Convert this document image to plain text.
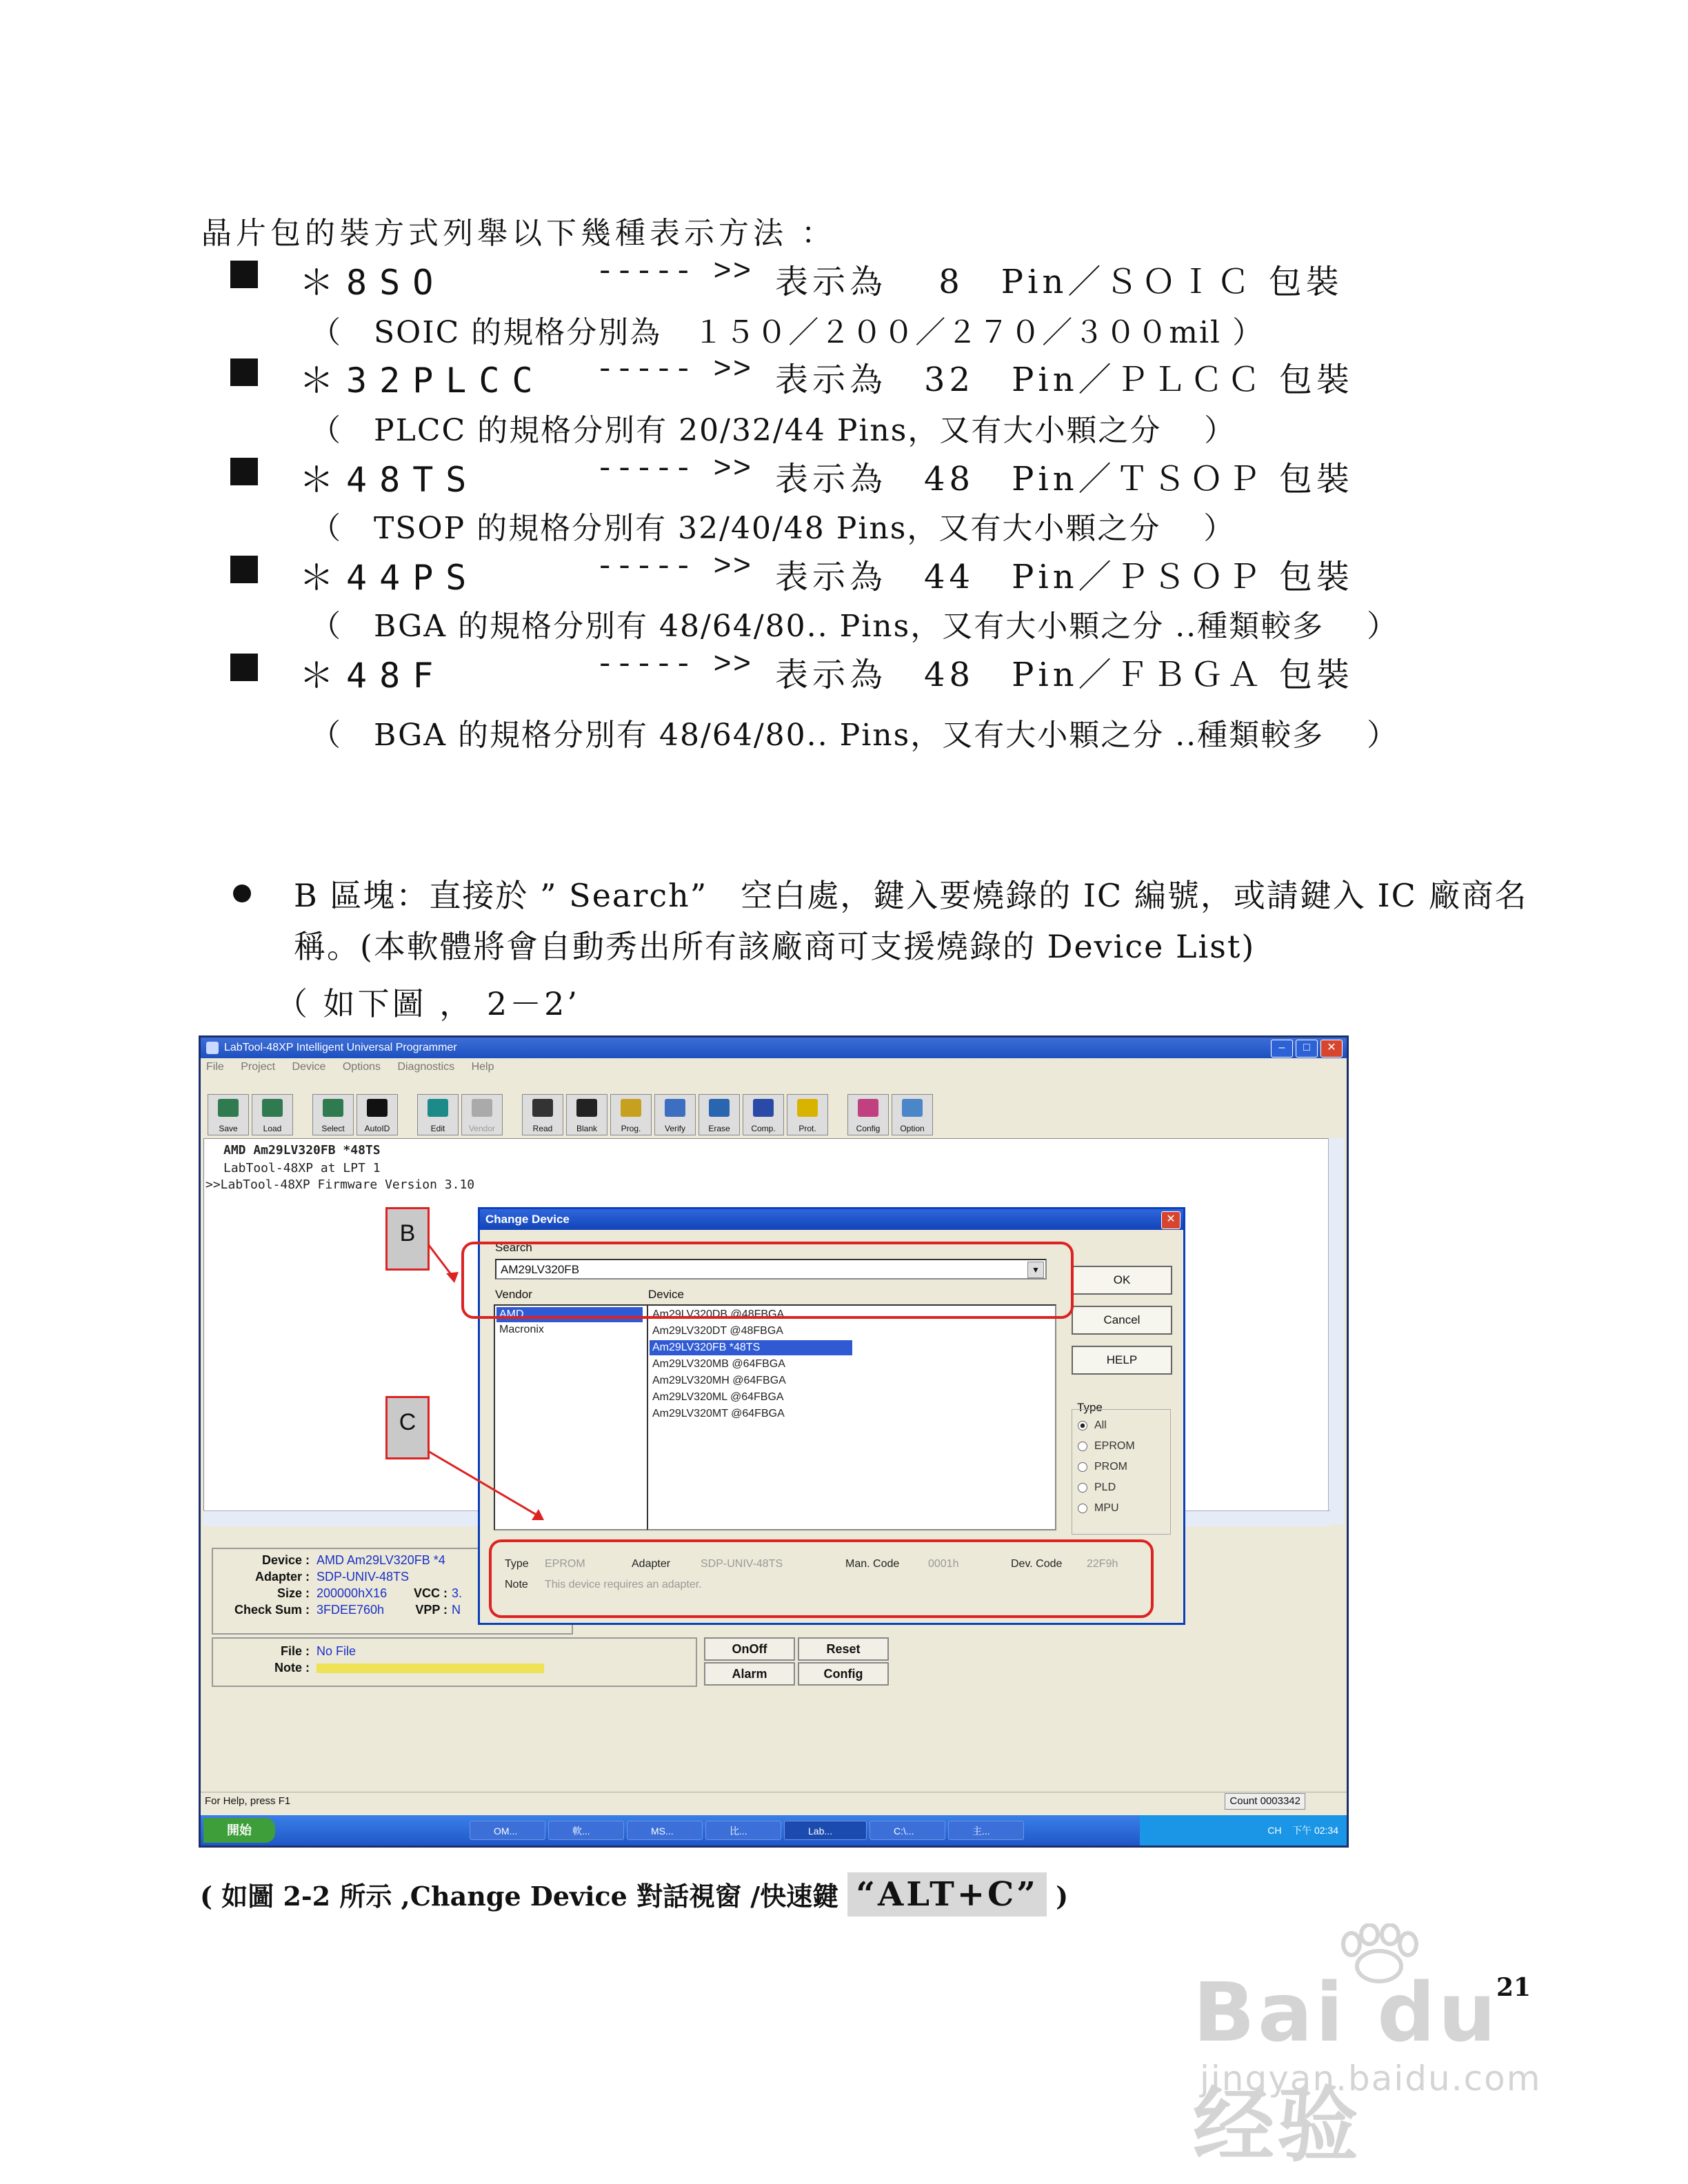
晶片包的裝方式列舉以下幾種表示方法 ：
＊8SO	----- >> 表示為　 8　Pin／ＳＯＩＣ 包裝
（　SOIC 的規格分別為　１５０／２００／２７０／３００mil ）
＊32PLCC ----- >> 表示為　32　Pin／ＰＬＣＣ 包裝
（　PLCC 的規格分別有 20/32/44 Pins，又有大小顆之分　 ）
＊48TS	----- >> 表示為　48　Pin／ＴＳＯＰ 包裝
（　TSOP 的規格分別有 32/40/48 Pins，又有大小顆之分　 ）
＊44PS	----- >> 表示為　44　Pin／ＰＳＯＰ 包裝
（　BGA 的規格分別有 48/64/80.. Pins，又有大小顆之分 ..種類較多　 ）
＊48F	----- >> 表示為　48　Pin／ＦＢＧＡ 包裝
（　BGA 的規格分別有 48/64/80.. Pins，又有大小顆之分 ..種類較多　 ）
B 區塊：直接於 ” Search”　空白處，鍵入要燒錄的 IC 編號，或請鍵入 IC 廠商名稱。(本軟體將會自動秀出所有該廠商可支援燒錄的 Device List)
（ 如下圖 ， 2－2’
LabTool-48XP Intelligent Universal Programmer	–	□	✕
File Project Device Options Diagnostics Help
Save	Load	Select	AutoID	Edit	Vendor	Read	Blank	Prog.	Verify	Erase	Comp.	Prot.	Config	Option
AMD Am29LV320FB *48TS
LabTool-48XP at LPT 1
>>LabTool-48XP Firmware Version 3.10
Device : AMD Am29LV320FB *4
Adapter : SDP-UNIV-48TS
Size : 200000hX16	VCC : 3.
Check Sum : 3FDEE760h	VPP : N
File : No File
Note :
OnOff	Reset
Alarm	Config
For Help, press F1	Count 0003342
開始	OM...	軟...	MS...	比...	Lab...	C:\...	主...	CH 下午 02:34
Change Device	✕
Search
AM29LV320FB	▼
Vendor	Device
AMD
Macronix
Am29LV320DB @48FBGA
Am29LV320DT @48FBGA
Am29LV320FB *48TS
Am29LV320MB @64FBGA
Am29LV320MH @64FBGA
Am29LV320ML @64FBGA
Am29LV320MT @64FBGA
OK
Cancel
HELP
Type
All
EPROM
PROM
PLD
MPU
Type EPROM	Adapter	SDP-UNIV-48TS	Man. Code	0001h	Dev. Code 22F9h
Note This device requires an adapter.
B
C
( 如圖 2-2 所示 ,Change Device 對話視窗 /快速鍵 “ALT+C” )
Bai du 经验
jingyan.baidu.com
21
